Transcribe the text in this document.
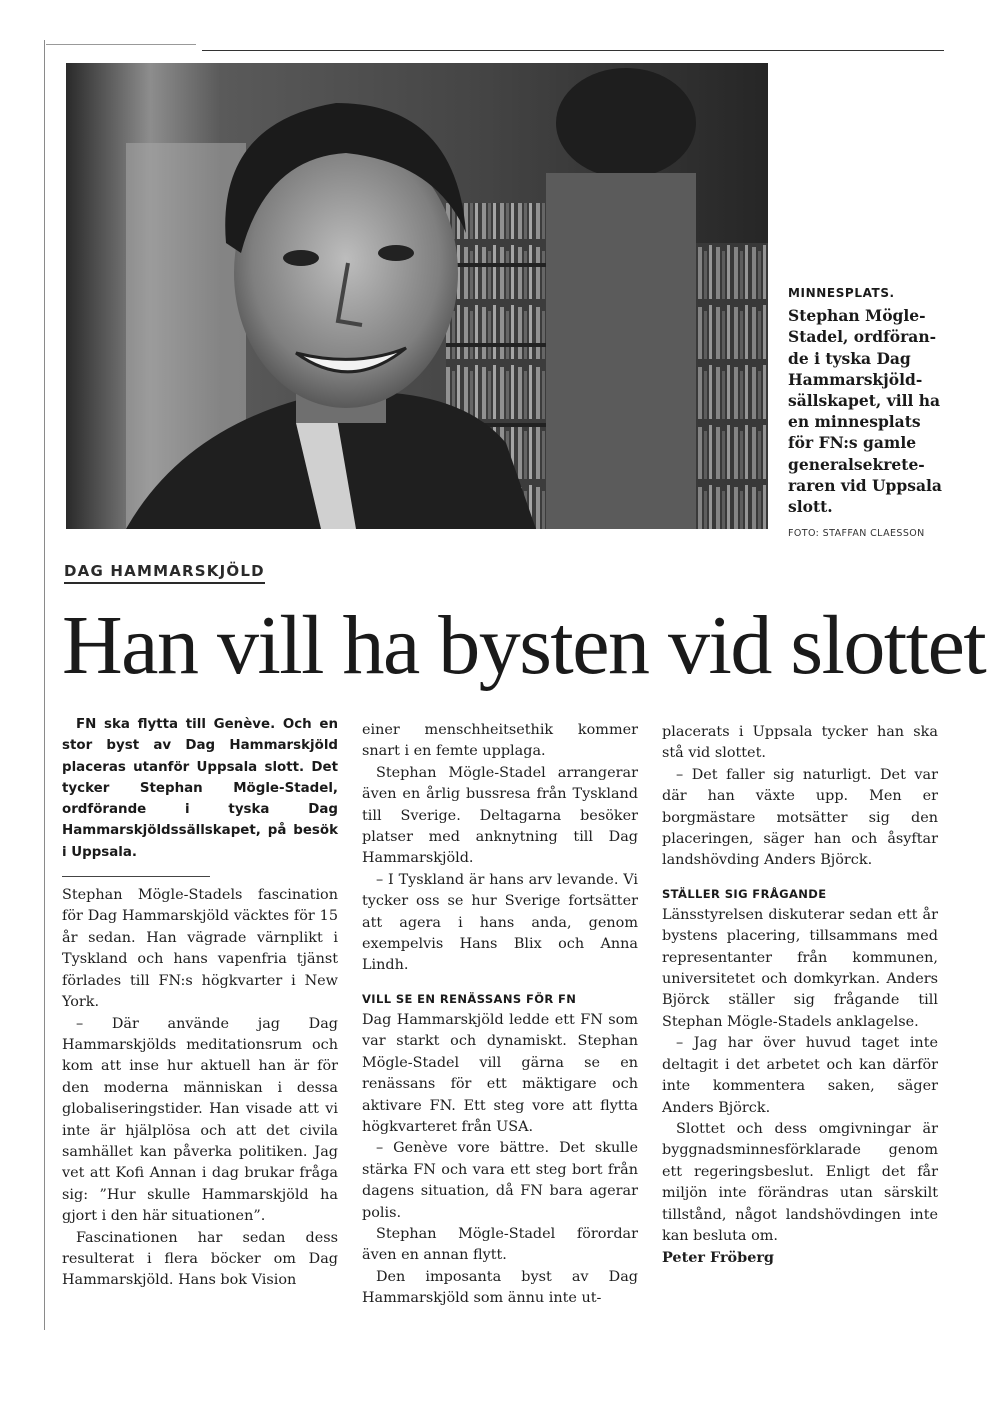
MINNESPLATS.
Stephan Mögle-
Stadel, ordföran-
de i tyska Dag
Hammarskjöld-
sällskapet, vill ha
en minnesplats
för FN:s gamle
generalsekrete-
raren vid Uppsala
slott.
FOTO: STAFFAN CLAESSON
DAG HAMMARSKJÖLD
Han vill ha bysten vid slottet

FN ska flytta till Genève. Och en stor byst av Dag Hammarskjöld placeras utanför Uppsala slott. Det tycker Stephan Mögle-Stadel, ordförande i tyska Dag Hammarskjöldssällskapet, på besök i Uppsala.

Stephan Mögle-Stadels fascination för Dag Hammarskjöld väcktes för 15 år sedan. Han vägrade värnplikt i Tyskland och hans vapenfria tjänst förlades till FN:s högkvarter i New York.

– Där använde jag Dag Hammarskjölds meditationsrum och kom att inse hur aktuell han är för den moderna människan i dessa globaliseringstider. Han visade att vi inte är hjälplösa och att det civila samhället kan påverka politiken. Jag vet att Kofi Annan i dag brukar fråga sig: ”Hur skulle Hammarskjöld ha gjort i den här situationen”.

Fascinationen har sedan dess resulterat i flera böcker om Dag Hammarskjöld. Hans bok Vision

einer menschheitsethik kommer snart i en femte upplaga.

Stephan Mögle-Stadel arrangerar även en årlig bussresa från Tyskland till Sverige. Deltagarna besöker platser med anknytning till Dag Hammarskjöld.

– I Tyskland är hans arv levande. Vi tycker oss se hur Sverige fortsätter att agera i hans anda, genom exempelvis Hans Blix och Anna Lindh.

VILL SE EN RENÄSSANS FÖR FN

Dag Hammarskjöld ledde ett FN som var starkt och dynamiskt. Stephan Mögle-Stadel vill gärna se en renässans för ett mäktigare och aktivare FN. Ett steg vore att flytta högkvarteret från USA.

– Genève vore bättre. Det skulle stärka FN och vara ett steg bort från dagens situation, då FN bara agerar polis.

Stephan Mögle-Stadel förordar även en annan flytt.

Den imposanta byst av Dag Hammarskjöld som ännu inte ut-

placerats i Uppsala tycker han ska stå vid slottet.

– Det faller sig naturligt. Det var där han växte upp. Men er borgmästare motsätter sig den placeringen, säger han och åsyftar landshövding Anders Björck.

STÄLLER SIG FRÅGANDE

Länsstyrelsen diskuterar sedan ett år bystens placering, tillsammans med representanter från kommunen, universitetet och domkyrkan. Anders Björck ställer sig frågande till Stephan Mögle-Stadels anklagelse.

– Jag har över huvud taget inte deltagit i det arbetet och kan därför inte kommentera saken, säger Anders Björck.

Slottet och dess omgivningar är byggnadsminnesförklarade genom ett regeringsbeslut. Enligt det får miljön inte förändras utan särskilt tillstånd, något landshövdingen inte kan besluta om.

Peter Fröberg
